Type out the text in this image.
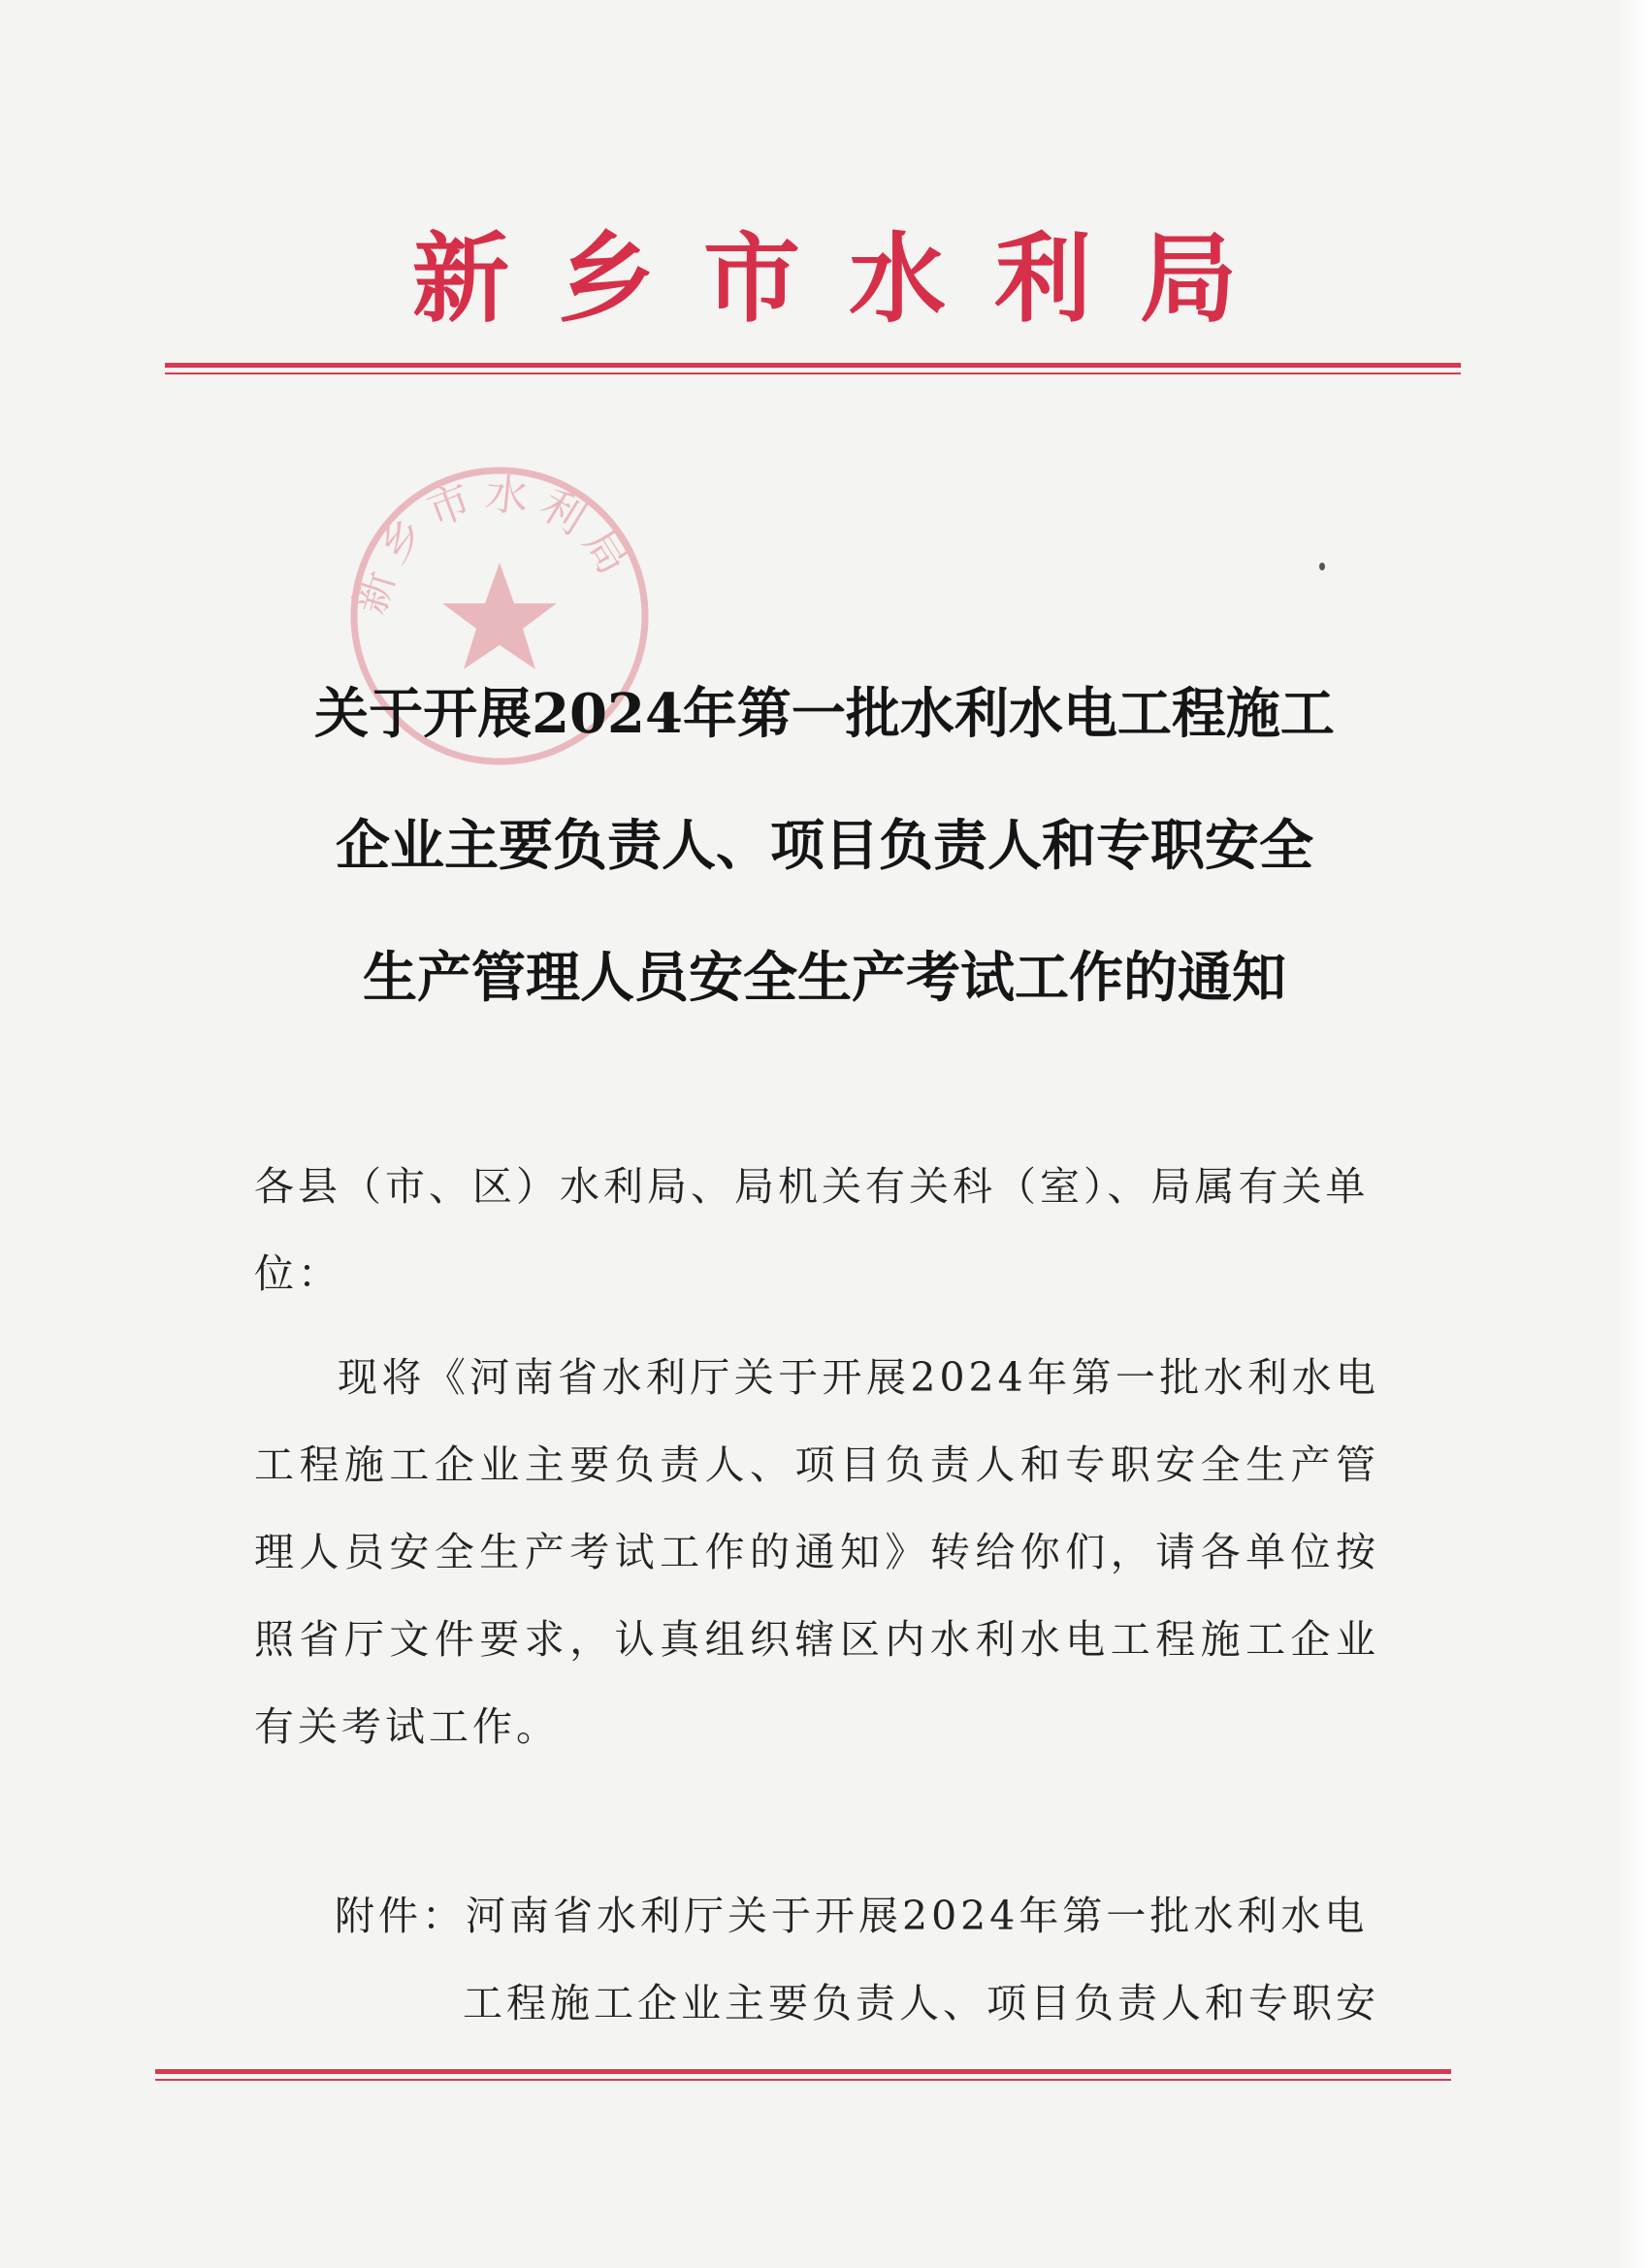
新乡市水利局
新乡市水利局
关于开展2024年第一批水利水电工程施工
企业主要负责人、项目负责人和专职安全
生产管理人员安全生产考试工作的通知
各县（市、区）水利局、局机关有关科（室）、局属有关单位：
现将《河南省水利厅关于开展2024年第一批水利水电工程施工企业主要负责人、项目负责人和专职安全生产管理人员安全生产考试工作的通知》转给你们，请各单位按照省厅文件要求，认真组织辖区内水利水电工程施工企业有关考试工作。
附件：河南省水利厅关于开展2024年第一批水利水电
工程施工企业主要负责人、项目负责人和专职安
